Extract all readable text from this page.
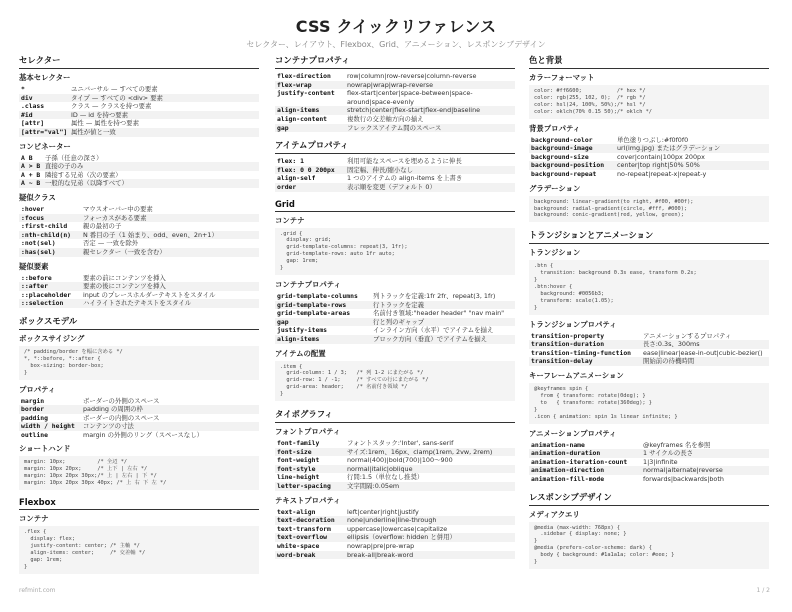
CSS クイックリファレンス
セレクター、レイアウト、Flexbox、Grid、アニメーション、レスポンシブデザイン
セレクター
基本セレクター
*	ユニバーサル — すべての要素
div	タイプ — すべての <div> 要素
.class	クラス — クラスを持つ要素
#id	ID — id を持つ要素
[attr]	属性 — 属性を持つ要素
[attr="val"] 属性が値と一致
コンビネーター
A B	子孫（任意の深さ）
A > B 直接の子のみ
A + B 隣接する兄弟（次の要素）
A ~ B 一般的な兄弟（以降すべて）
疑似クラス
:hover	マウスオーバー中の要素
:focus	フォーカスがある要素
:first-child	親の最初の子
:nth-child(n)	N 番目の子（1 始まり、odd、even、2n+1）
:not(sel)	否定 — 一致を除外
:has(sel)	親セレクター（一致を含む）
疑似要素
::before	要素の前にコンテンツを挿入
::after	要素の後にコンテンツを挿入
::placeholder	input のプレースホルダーテキストをスタイル
::selection	ハイライトされたテキストをスタイル
ボックスモデル
ボックスサイジング
/* padding/border を幅に含める */
*, *::before, *::after {
box-sizing: border-box;
}
プロパティ
margin	ボーダーの外側のスペース
border	padding の周囲の枠
padding	ボーダーの内側のスペース
width / height	コンテンツの寸法
outline	margin の外側のリング（スペースなし）
ショートハンド
margin: 10px;          /* 全辺 */
margin: 10px 20px;     /* 上下 | 左右 */
margin: 10px 20px 30px;/* 上 | 左右 | 下 */
margin: 10px 20px 30px 40px; /* 上 右 下 左 */
Flexbox
コンテナ
.flex {
display: flex;
justify-content: center; /* 主軸 */
align-items: center;     /* 交差軸 */
gap: 1rem;
}
コンテナプロパティ
flex-direction	row|column|row-reverse|column-reverse
flex-wrap	nowrap|wrap|wrap-reverse
justify-content	flex-start|center|space-between|space-around|space-evenly
align-items	stretch|center|flex-start|flex-end|baseline
align-content	複数行の交差軸方向の揃え
gap	フレックスアイテム間のスペース
アイテムプロパティ
flex: 1	利用可能なスペースを埋めるように伸長
flex: 0 0 200px	固定幅、伸長/縮小なし
align-self	1 つのアイテムの align-items を上書き
order	表示順を変更（デフォルト 0）
Grid
コンテナ
.grid {
display: grid;
grid-template-columns: repeat(3, 1fr);
grid-template-rows: auto 1fr auto;
gap: 1rem;
}
コンテナプロパティ
grid-template-columns	列トラックを定義:1fr 2fr、repeat(3, 1fr)
grid-template-rows	行トラックを定義
grid-template-areas	名前付き領域:"header header" "nav main"
gap	行と列のギャップ
justify-items	インライン方向（水平）でアイテムを揃え
align-items	ブロック方向（垂直）でアイテムを揃え
アイテムの配置
.item {
grid-column: 1 / 3;   /* 列 1-2 にまたがる */
grid-row: 1 / -1;     /* すべての行にまたがる */
grid-area: header;    /* 名前付き領域 */
}
タイポグラフィ
フォントプロパティ
font-family	フォントスタック:'Inter', sans-serif
font-size	サイズ:1rem、16px、clamp(1rem, 2vw, 2rem)
font-weight	normal(400)|bold(700)|100〜900
font-style	normal|italic|oblique
line-height	行間:1.5（単位なし推奨）
letter-spacing	文字間隔:0.05em
テキストプロパティ
text-align	left|center|right|justify
text-decoration	none|underline|line-through
text-transform	uppercase|lowercase|capitalize
text-overflow	ellipsis（overflow: hidden と併用）
white-space	nowrap|pre|pre-wrap
word-break	break-all|break-word
色と背景
カラーフォーマット
color: #ff6600;           /* hex */
color: rgb(255, 102, 0);  /* rgb */
color: hsl(24, 100%, 50%);/* hsl */
color: oklch(70% 0.15 50);/* oklch */
背景プロパティ
background-color	単色塗りつぶし:#f0f0f0
background-image	url(img.jpg) またはグラデーション
background-size	cover|contain|100px 200px
background-position	center|top right|50% 50%
background-repeat	no-repeat|repeat-x|repeat-y
グラデーション
background: linear-gradient(to right, #f00, #00f);
background: radial-gradient(circle, #fff, #000);
background: conic-gradient(red, yellow, green);
トランジションとアニメーション
トランジション
.btn {
transition: background 0.3s ease, transform 0.2s;
}
.btn:hover {
background: #0056b3;
transform: scale(1.05);
}
トランジションプロパティ
transition-property	アニメーションするプロパティ
transition-duration	長さ:0.3s、300ms
transition-timing-function	ease|linear|ease-in-out|cubic-bezier()
transition-delay	開始前の待機時間
キーフレームアニメーション
@keyframes spin {
from { transform: rotate(0deg); }
to   { transform: rotate(360deg); }
}
.icon { animation: spin 1s linear infinite; }
アニメーションプロパティ
animation-name	@keyframes 名を参照
animation-duration	1 サイクルの長さ
animation-iteration-count	1|3|infinite
animation-direction	normal|alternate|reverse
animation-fill-mode	forwards|backwards|both
レスポンシブデザイン
メディアクエリ
@media (max-width: 768px) {
.sidebar { display: none; }
}
@media (prefers-color-scheme: dark) {
body { background: #1a1a1a; color: #eee; }
}
refmint.com	1 / 2
